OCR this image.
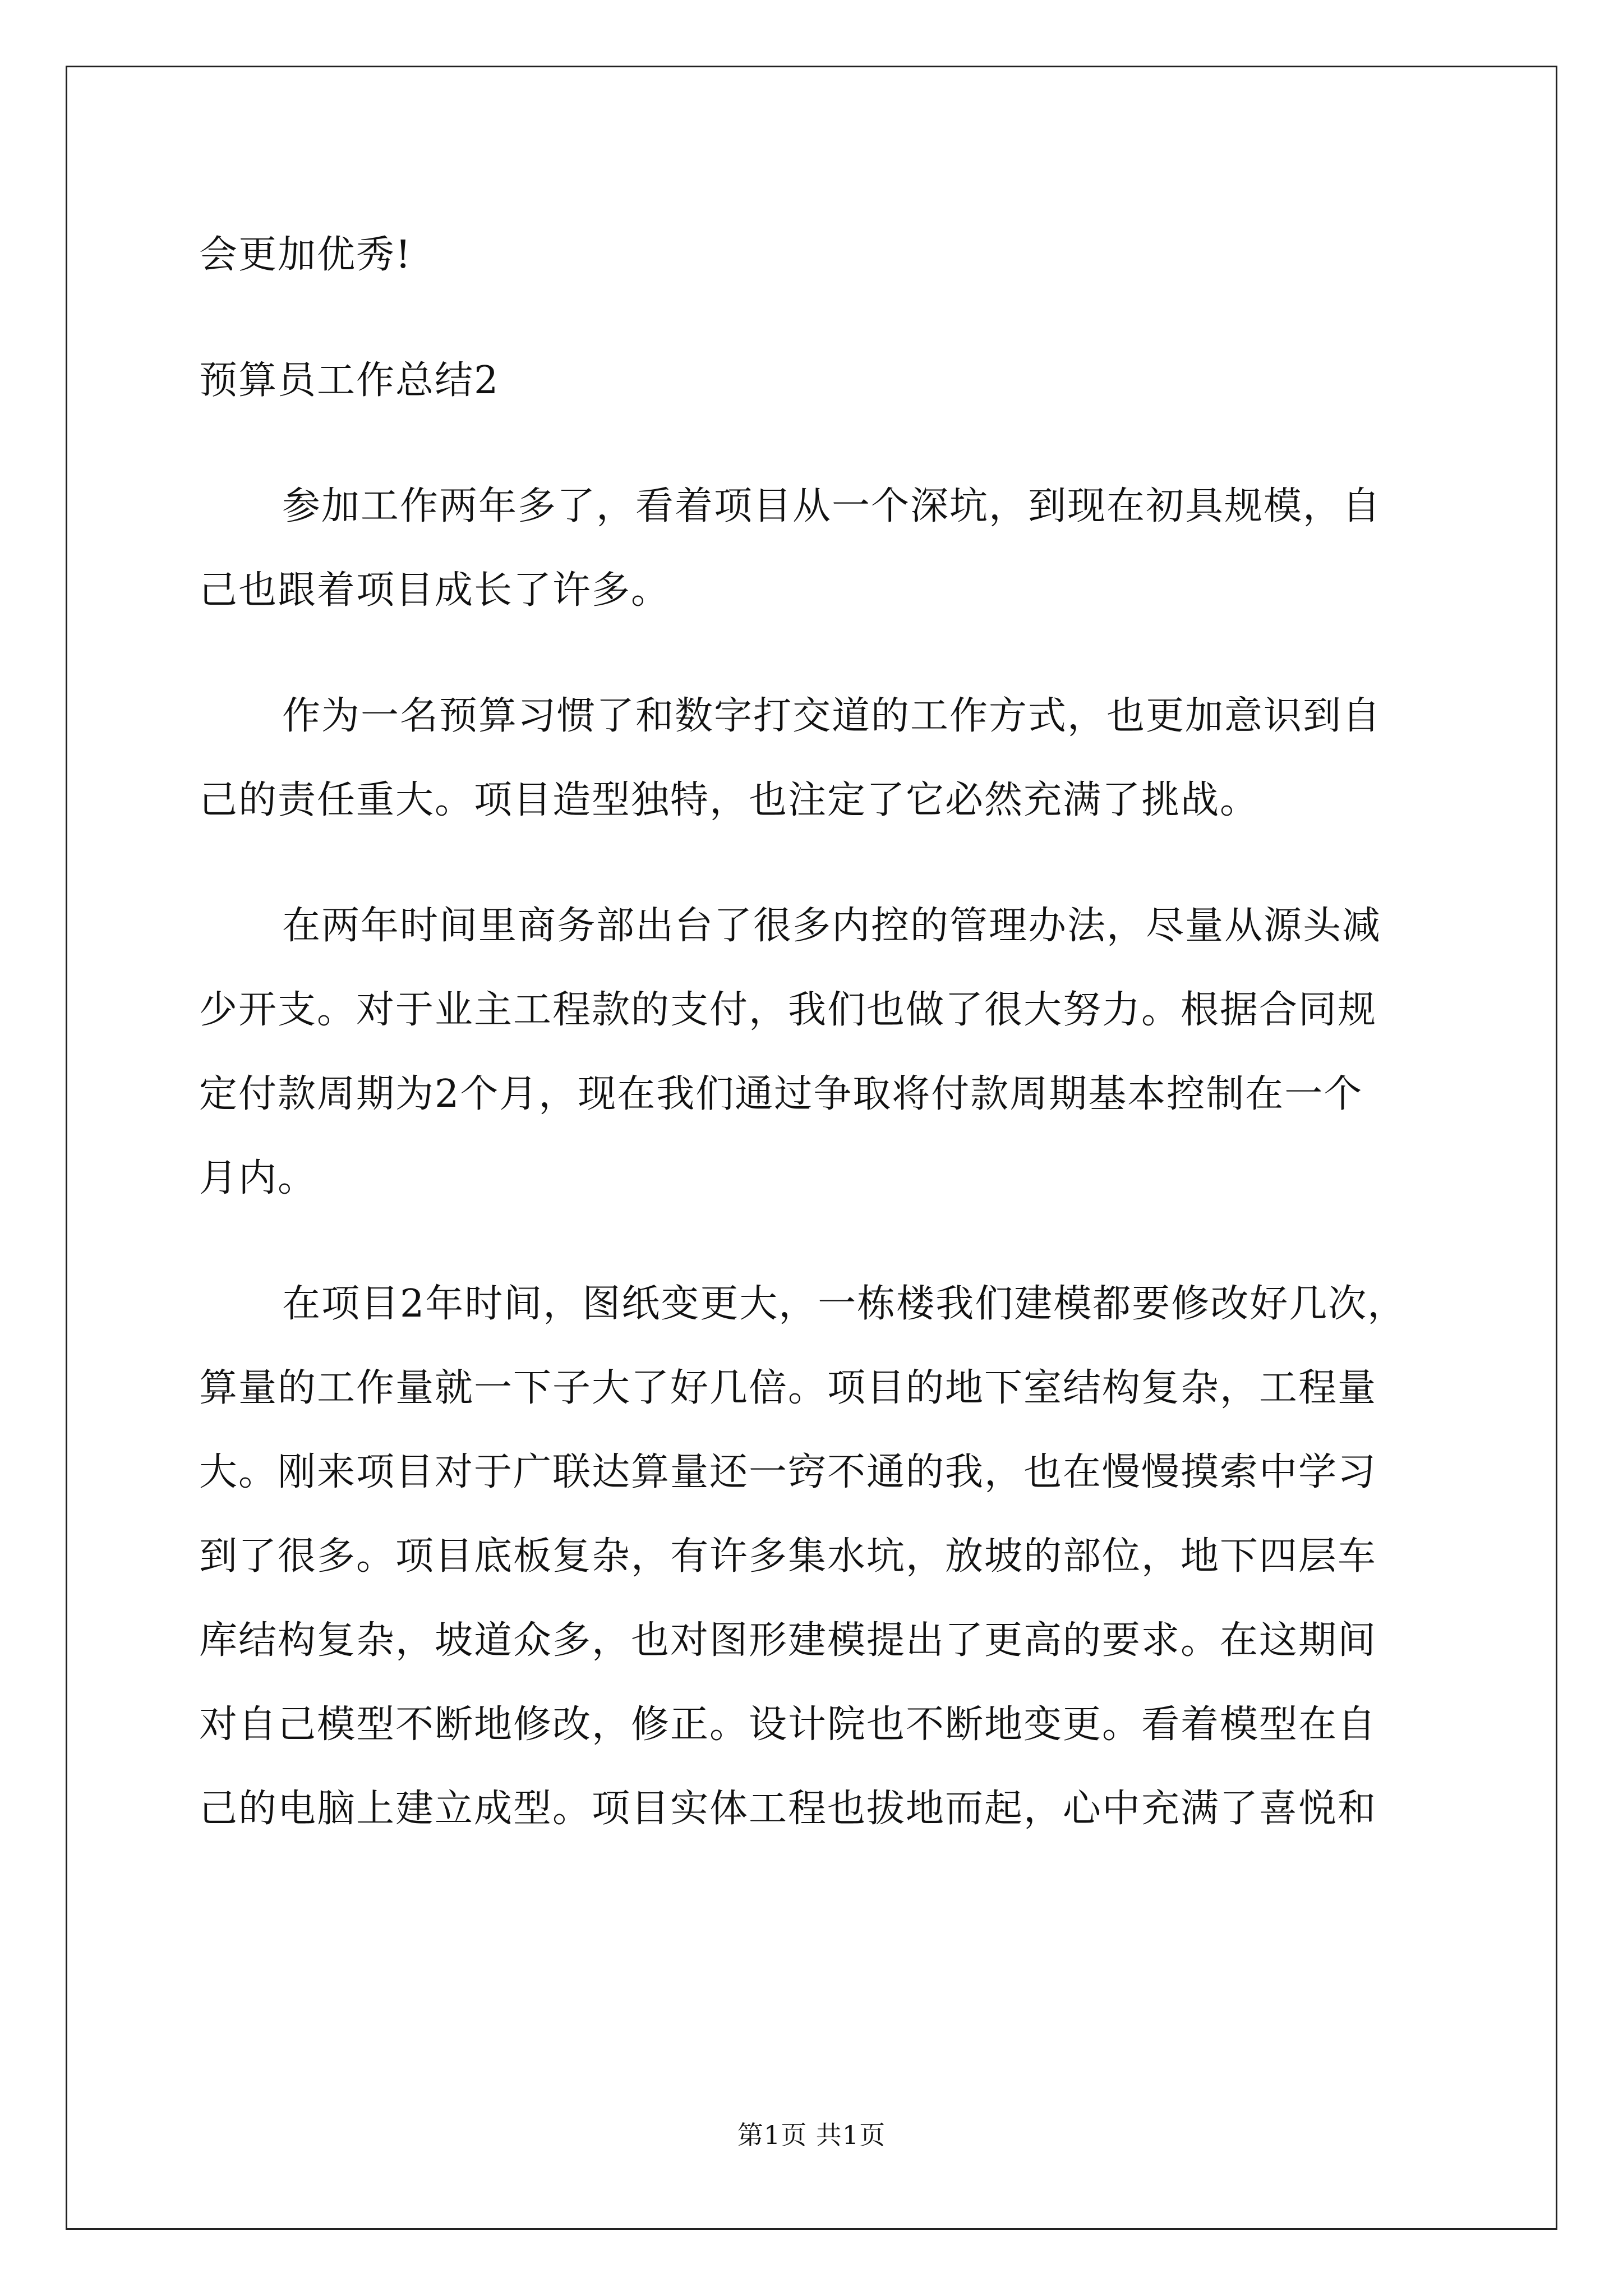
会更加优秀!
预算员工作总结2
参加工作两年多了，看着项目从一个深坑，到现在初具规模，自
己也跟着项目成长了许多。
作为一名预算习惯了和数字打交道的工作方式，也更加意识到自
己的责任重大。项目造型独特，也注定了它必然充满了挑战。
在两年时间里商务部出台了很多内控的管理办法，尽量从源头减
少开支。对于业主工程款的支付，我们也做了很大努力。根据合同规
定付款周期为2个月，现在我们通过争取将付款周期基本控制在一个
月内。
在项目2年时间，图纸变更大，一栋楼我们建模都要修改好几次，
算量的工作量就一下子大了好几倍。项目的地下室结构复杂，工程量
大。刚来项目对于广联达算量还一窍不通的我，也在慢慢摸索中学习
到了很多。项目底板复杂，有许多集水坑，放坡的部位，地下四层车
库结构复杂，坡道众多，也对图形建模提出了更高的要求。在这期间
对自己模型不断地修改，修正。设计院也不断地变更。看着模型在自
己的电脑上建立成型。项目实体工程也拔地而起，心中充满了喜悦和
第1页 共1页
